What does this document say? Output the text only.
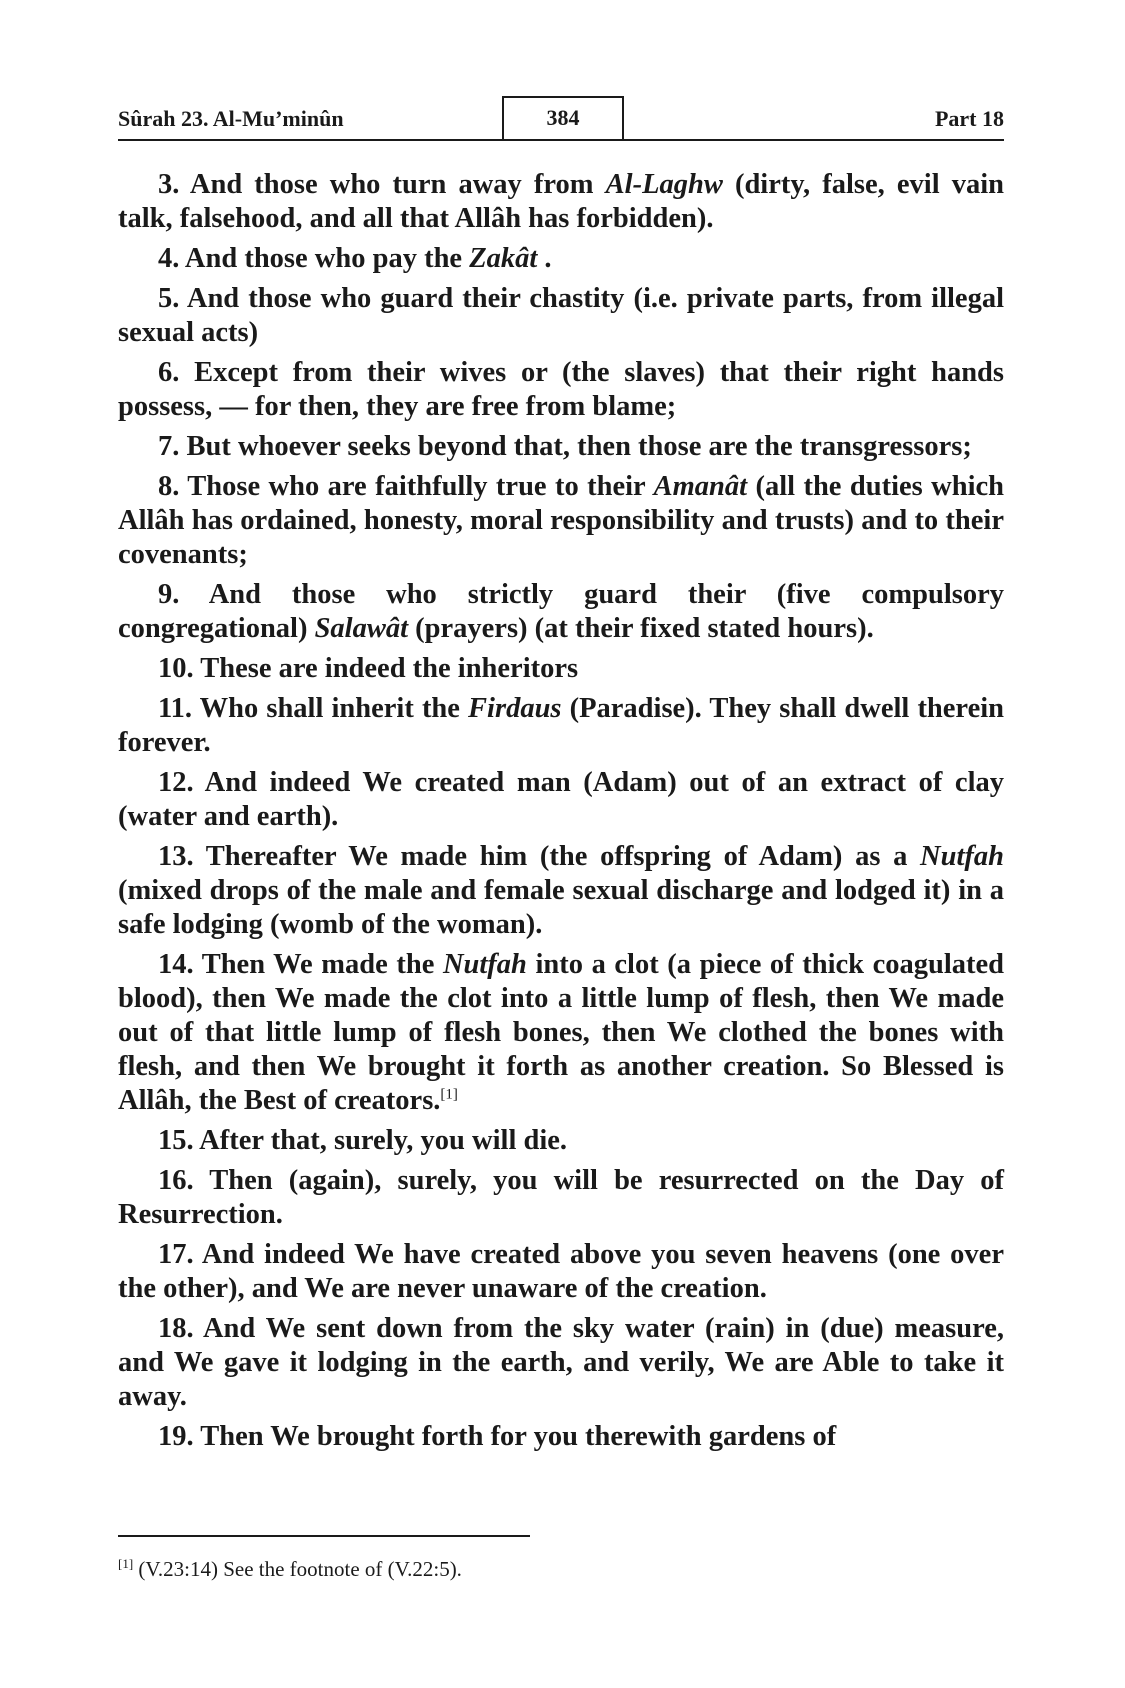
Sûrah 23. Al-Mu’minûn	384	Part 18

3. And those who turn away from Al-Laghw (dirty, false, evil vain talk, falsehood, and all that Allâh has forbidden).

4. And those who pay the Zakât .

5. And those who guard their chastity (i.e. private parts, from illegal sexual acts)

6. Except from their wives or (the slaves) that their right hands possess, — for then, they are free from blame;

7. But whoever seeks beyond that, then those are the transgressors;

8. Those who are faithfully true to their Amanât (all the duties which Allâh has ordained, honesty, moral responsibility and trusts) and to their covenants;

9. And those who strictly guard their (five compulsory congregational) Salawât (prayers) (at their fixed stated hours).

10. These are indeed the inheritors

11. Who shall inherit the Firdaus (Paradise). They shall dwell therein forever.

12. And indeed We created man (Adam) out of an extract of clay (water and earth).

13. Thereafter We made him (the offspring of Adam) as a Nutfah (mixed drops of the male and female sexual discharge and lodged it) in a safe lodging (womb of the woman).

14. Then We made the Nutfah into a clot (a piece of thick coagulated blood), then We made the clot into a little lump of flesh, then We made out of that little lump of flesh bones, then We clothed the bones with flesh, and then We brought it forth as another creation. So Blessed is Allâh, the Best of creators.[1]

15. After that, surely, you will die.

16. Then (again), surely, you will be resurrected on the Day of Resurrection.

17. And indeed We have created above you seven heavens (one over the other), and We are never unaware of the creation.

18. And We sent down from the sky water (rain) in (due) measure, and We gave it lodging in the earth, and verily, We are Able to take it away.

19. Then We brought forth for you therewith gardens of

[1] (V.23:14) See the footnote of (V.22:5).
